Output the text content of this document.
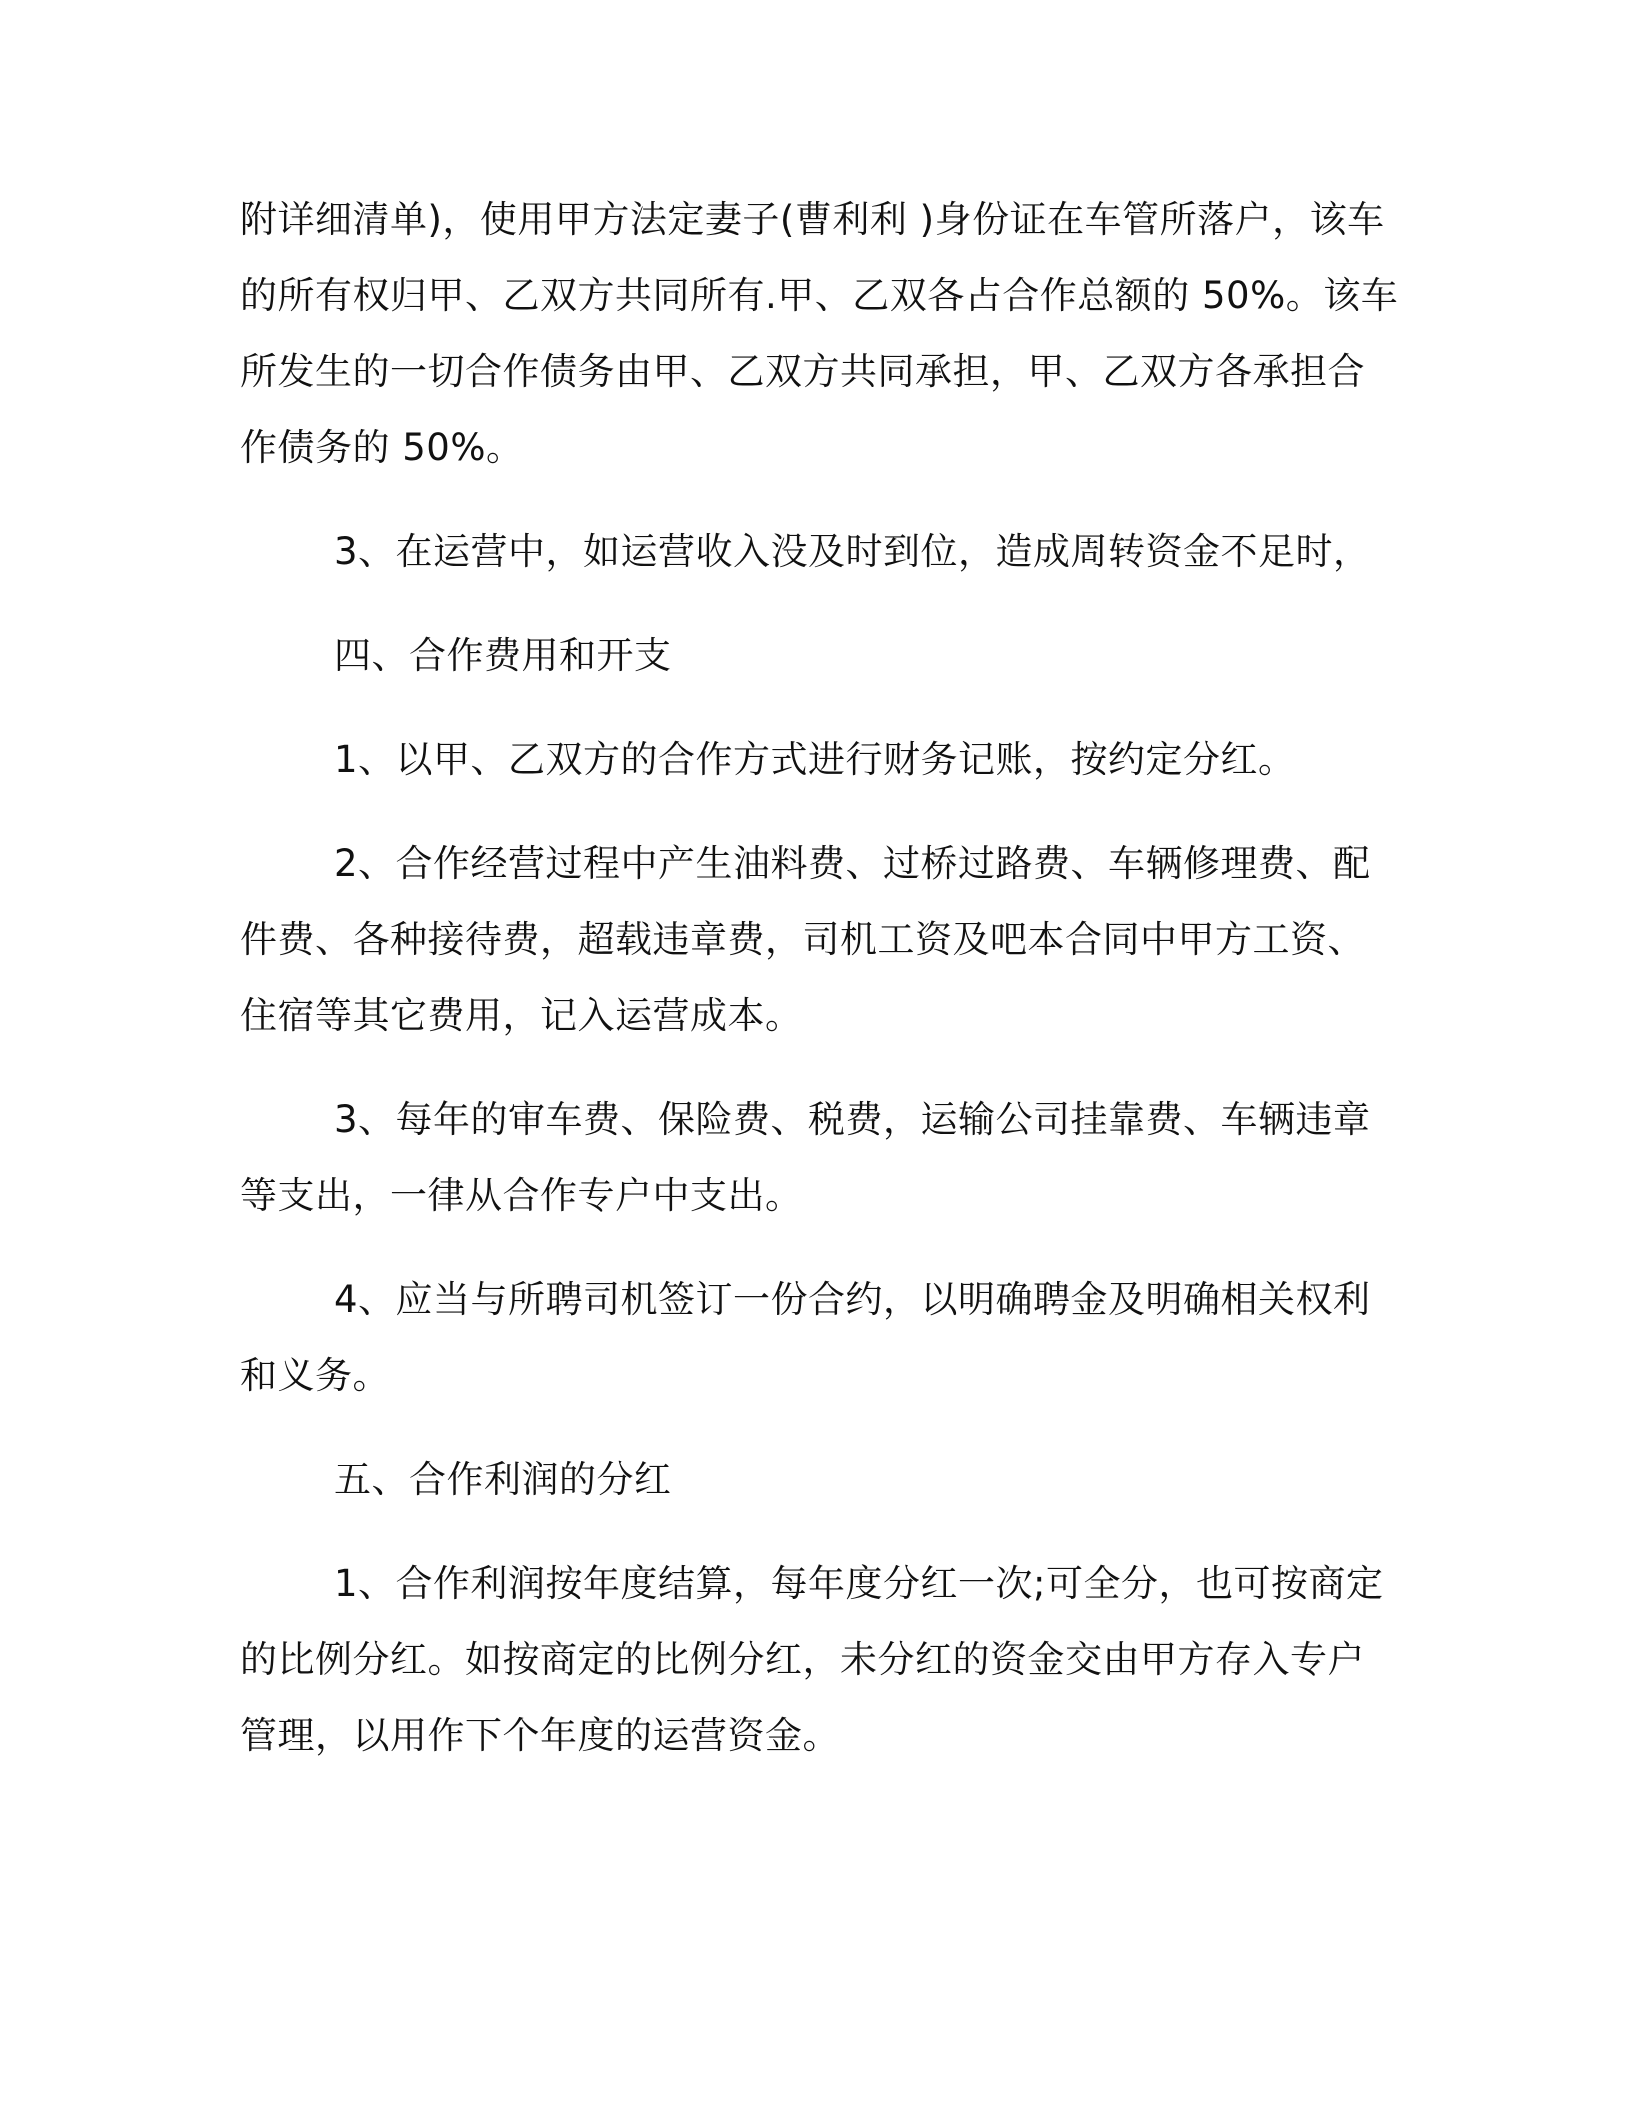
附详细清单)，使用甲方法定妻子(曹利利 )身份证在车管所落户，该车
的所有权归甲、乙双方共同所有.甲、乙双各占合作总额的 50%。该车
所发生的一切合作债务由甲、乙双方共同承担，甲、乙双方各承担合
作债务的 50%。
3、在运营中，如运营收入没及时到位，造成周转资金不足时，
四、合作费用和开支
1、以甲、乙双方的合作方式进行财务记账，按约定分红。
2、合作经营过程中产生油料费、过桥过路费、车辆修理费、配
件费、各种接待费，超载违章费，司机工资及吧本合同中甲方工资、
住宿等其它费用，记入运营成本。
3、每年的审车费、保险费、税费，运输公司挂靠费、车辆违章
等支出，一律从合作专户中支出。
4、应当与所聘司机签订一份合约，以明确聘金及明确相关权利
和义务。
五、合作利润的分红
1、合作利润按年度结算，每年度分红一次;可全分，也可按商定
的比例分红。如按商定的比例分红，未分红的资金交由甲方存入专户
管理，以用作下个年度的运营资金。
